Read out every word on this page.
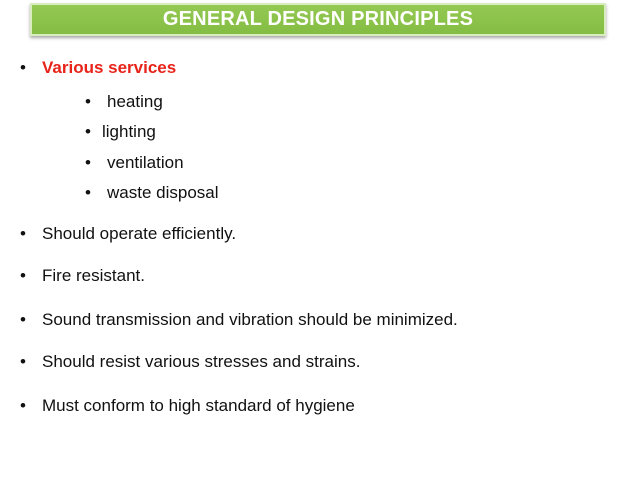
GENERAL DESIGN PRINCIPLES
• Various services
• heating
• lighting
• ventilation
• waste disposal
• Should operate efficiently.
• Fire resistant.
• Sound transmission and vibration should be minimized.
• Should resist various stresses and strains.
• Must conform to high standard of hygiene
